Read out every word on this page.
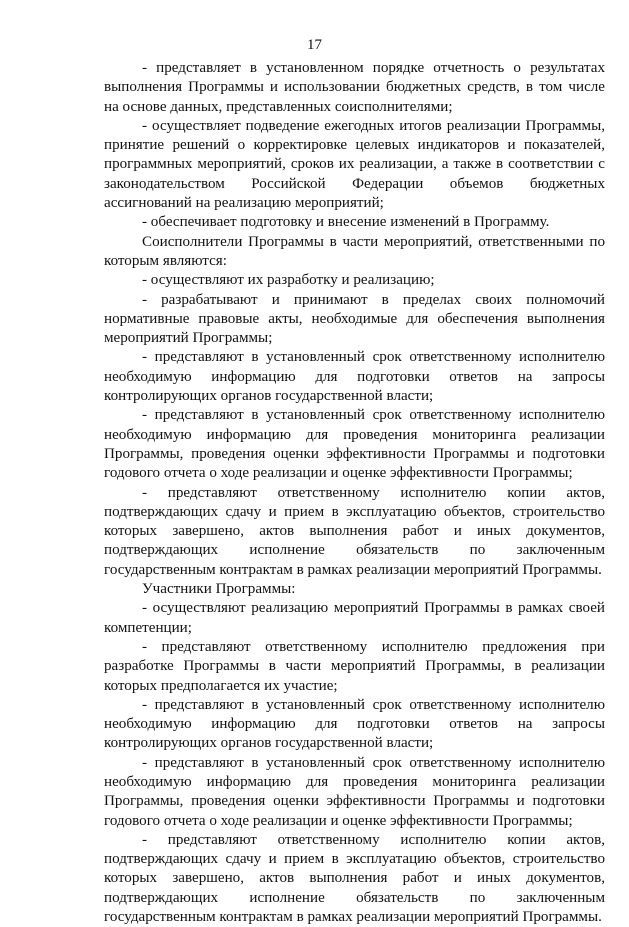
17

- представляет в установленном порядке отчетность о результатах выполнения Программы и использовании бюджетных средств, в том числе на основе данных, представленных соисполнителями;

- осуществляет подведение ежегодных итогов реализации Программы, принятие решений о корректировке целевых индикаторов и показателей, программных мероприятий, сроков их реализации, а также в соответствии с законодательством Российской Федерации объемов бюджетных ассигнований на реализацию мероприятий;

- обеспечивает подготовку и внесение изменений в Программу.

Соисполнители Программы в части мероприятий, ответственными по которым являются:

- осуществляют их разработку и реализацию;

- разрабатывают и принимают в пределах своих полномочий нормативные правовые акты, необходимые для обеспечения выполнения мероприятий Программы;

- представляют в установленный срок ответственному исполнителю необходимую информацию для подготовки ответов на запросы контролирующих органов государственной власти;

- представляют в установленный срок ответственному исполнителю необходимую информацию для проведения мониторинга реализации Программы, проведения оценки эффективности Программы и подготовки годового отчета о ходе реализации и оценке эффективности Программы;

- представляют ответственному исполнителю копии актов, подтверждающих сдачу и прием в эксплуатацию объектов, строительство которых завершено, актов выполнения работ и иных документов, подтверждающих исполнение обязательств по заключенным государственным контрактам в рамках реализации мероприятий Программы.

Участники Программы:

- осуществляют реализацию мероприятий Программы в рамках своей компетенции;

- представляют ответственному исполнителю предложения при разработке Программы в части мероприятий Программы, в реализации которых предполагается их участие;

- представляют в установленный срок ответственному исполнителю необходимую информацию для подготовки ответов на запросы контролирующих органов государственной власти;

- представляют в установленный срок ответственному исполнителю необходимую информацию для проведения мониторинга реализации Программы, проведения оценки эффективности Программы и подготовки годового отчета о ходе реализации и оценке эффективности Программы;

- представляют ответственному исполнителю копии актов, подтверждающих сдачу и прием в эксплуатацию объектов, строительство которых завершено, актов выполнения работ и иных документов, подтверждающих исполнение обязательств по заключенным государственным контрактам в рамках реализации мероприятий Программы.
